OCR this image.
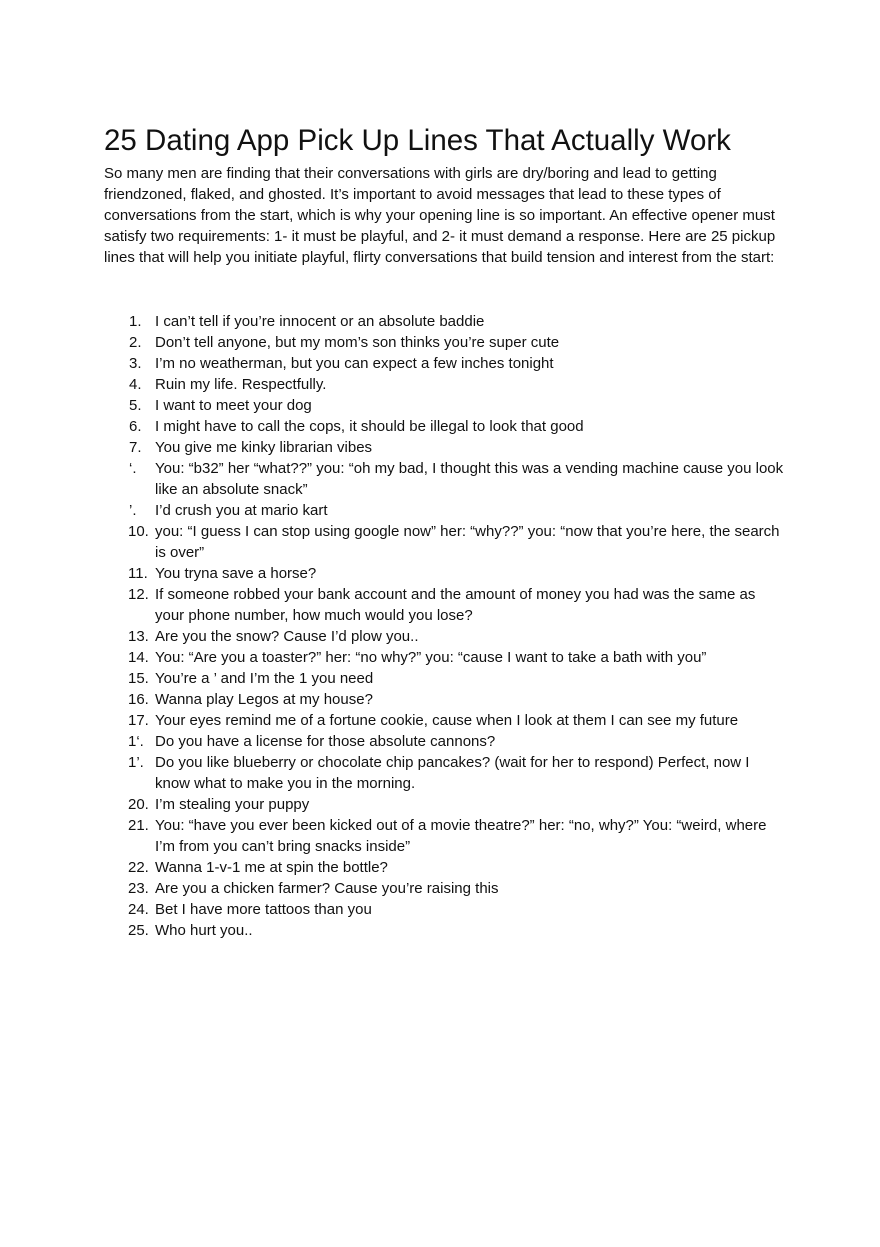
25 Dating App Pick Up Lines That Actually Work

So many men are finding that their conversations with girls are dry/boring and lead to getting friendzoned, flaked, and ghosted. It’s important to avoid messages that lead to these types of conversations from the start, which is why your opening line is so important. An effective opener must satisfy two requirements: 1- it must be playful, and 2- it must demand a response. Here are 25 pickup lines that will help you initiate playful, flirty conversations that build tension and interest from the start:

1. I can’t tell if you’re innocent or an absolute baddie
2. Don’t tell anyone, but my mom’s son thinks you’re super cute
3. I’m no weatherman, but you can expect a few inches tonight
4. Ruin my life. Respectfully.
5. I want to meet your dog
6. I might have to call the cops, it should be illegal to look that good
7. You give me kinky librarian vibes
‘. You: “b32” her “what??” you: “oh my bad, I thought this was a vending machine cause you look like an absolute snack”
’. I’d crush you at mario kart
10. you: “I guess I can stop using google now” her: “why??” you: “now that you’re here, the search is over”
11. You tryna save a horse?
12. If someone robbed your bank account and the amount of money you had was the same as your phone number, how much would you lose?
13. Are you the snow? Cause I’d plow you..
14. You: “Are you a toaster?” her: “no why?” you: “cause I want to take a bath with you”
15. You’re a ’ and I’m the 1 you need
16. Wanna play Legos at my house?
17. Your eyes remind me of a fortune cookie, cause when I look at them I can see my future
1‘. Do you have a license for those absolute cannons?
1’. Do you like blueberry or chocolate chip pancakes? (wait for her to respond) Perfect, now I know what to make you in the morning.
20. I’m stealing your puppy
21. You: “have you ever been kicked out of a movie theatre?” her: “no, why?” You: “weird, where I’m from you can’t bring snacks inside”
22. Wanna 1-v-1 me at spin the bottle?
23. Are you a chicken farmer? Cause you’re raising this
24. Bet I have more tattoos than you
25. Who hurt you..
